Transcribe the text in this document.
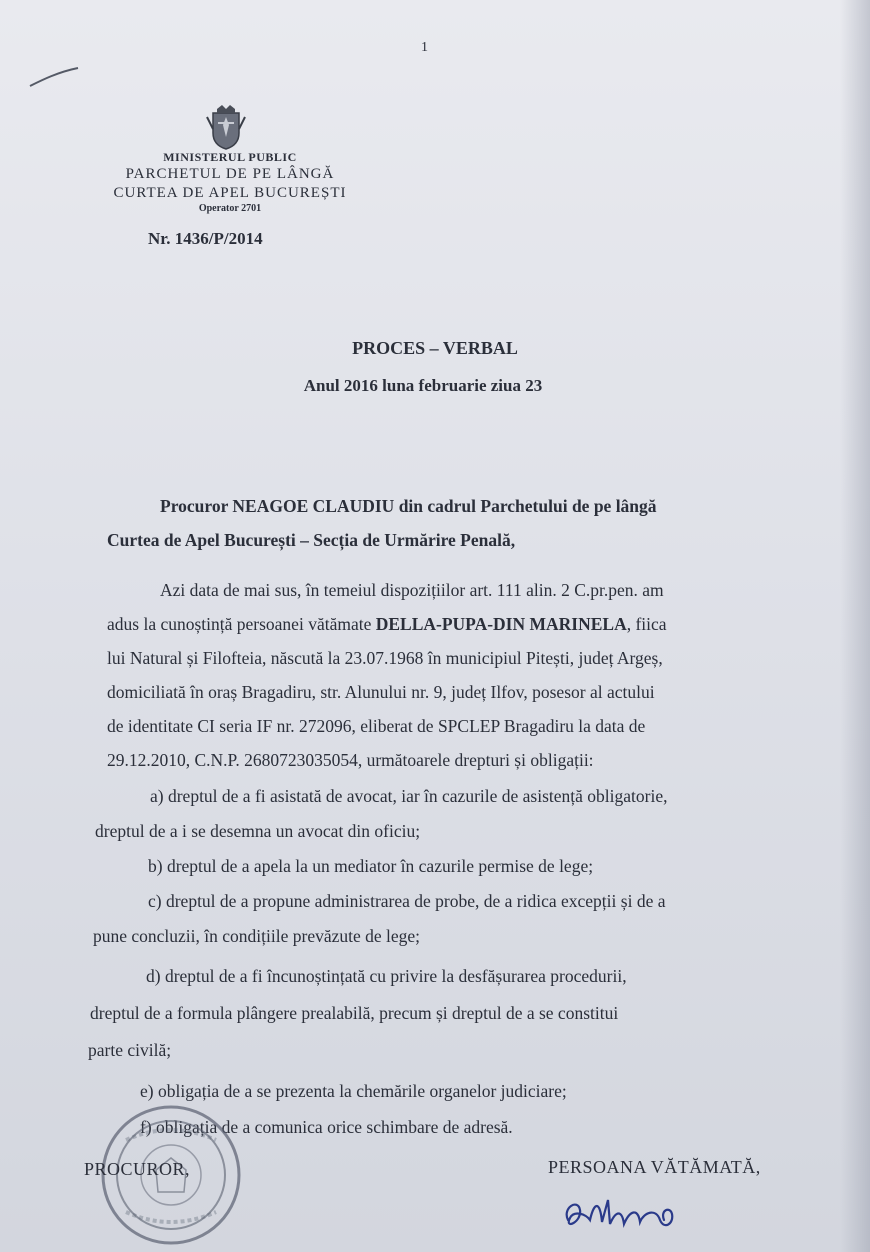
1
MINISTERUL PUBLIC
PARCHETUL DE PE LÂNGĂ
CURTEA DE APEL BUCUREȘTI
Operator 2701
Nr. 1436/P/2014
PROCES – VERBAL
Anul 2016 luna februarie ziua 23
Procuror NEAGOE CLAUDIU din cadrul Parchetului de pe lângă
Curtea de Apel București – Secția de Urmărire Penală,
Azi data de mai sus, în temeiul dispozițiilor art. 111 alin. 2 C.pr.pen. am
adus la cunoștință persoanei vătămate DELLA-PUPA-DIN MARINELA, fiica
lui Natural și Filofteia, născută la 23.07.1968 în municipiul Pitești, județ Argeș,
domiciliată în oraș Bragadiru, str. Alunului nr. 9, județ Ilfov, posesor al actului
de identitate CI seria IF nr. 272096, eliberat de SPCLEP Bragadiru la data de
29.12.2010, C.N.P. 2680723035054, următoarele drepturi și obligații:
a) dreptul de a fi asistată de avocat, iar în cazurile de asistență obligatorie,
dreptul de a i se desemna un avocat din oficiu;
b) dreptul de a apela la un mediator în cazurile permise de lege;
c) dreptul de a propune administrarea de probe, de a ridica excepții și de a
pune concluzii, în condițiile prevăzute de lege;
d) dreptul de a fi încunoștințată cu privire la desfășurarea procedurii,
dreptul de a formula plângere prealabilă, precum și dreptul de a se constitui
parte civilă;
e) obligația de a se prezenta la chemările organelor judiciare;
f) obligația de a comunica orice schimbare de adresă.
PROCUROR,	PERSOANA VĂTĂMATĂ,
